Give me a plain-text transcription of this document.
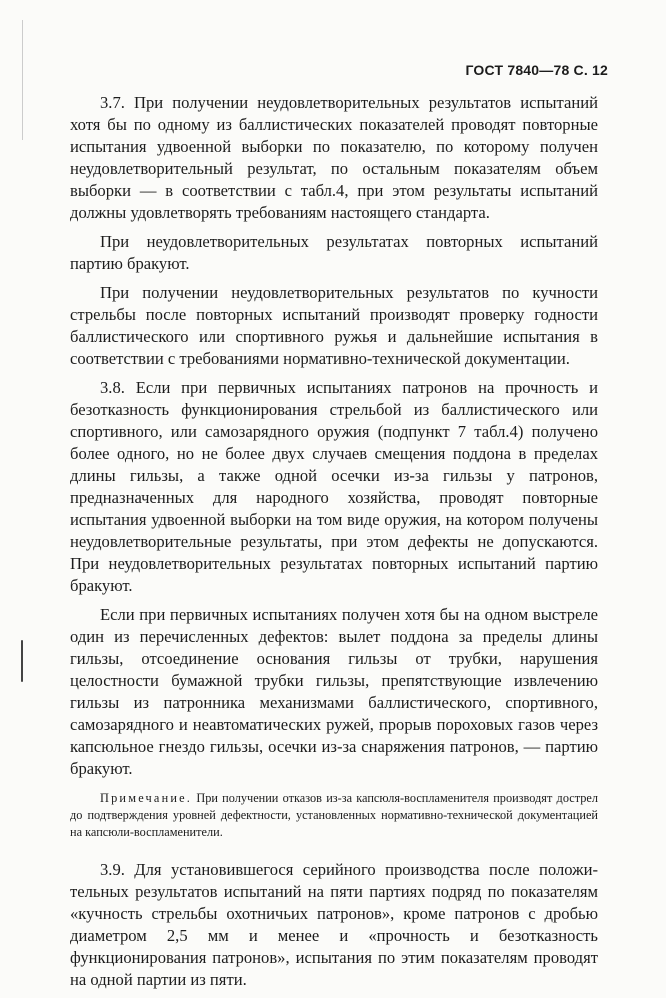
ГОСТ 7840—78 С. 12

3.7. При получении неудовлетворительных результатов испытаний хотя бы по одному из баллистических показателей проводят повторные испытания удвоенной выборки по показателю, по которому получен неудовлетворительный результат, по остальным показателям объем выборки — в соответствии с табл.4, при этом результаты испытаний должны удовлетворять требованиям настоящего стандарта.

При неудовлетворительных результатах повторных испытаний партию бракуют.

При получении неудовлетворительных результатов по кучности стрельбы после повторных испытаний производят проверку годности баллистического или спортивного ружья и дальнейшие испытания в соответствии с требованиями нормативно-технической документации.

3.8. Если при первичных испытаниях патронов на прочность и безотказность функционирования стрельбой из баллистического или спортивного, или самозарядного оружия (подпункт 7 табл.4) получено более одного, но не более двух случаев смещения поддона в пределах длины гильзы, а также одной осечки из-за гильзы у патронов, предназначенных для народного хозяйства, проводят повторные испытания удвоенной выборки на том виде оружия, на котором получены неудовлетворительные результаты, при этом дефекты не допускаются. При неудовлетворительных результатах повторных испытаний партию бракуют.

Если при первичных испытаниях получен хотя бы на одном выстреле один из перечисленных дефектов: вылет поддона за пределы длины гильзы, отсоединение основания гильзы от трубки, нарушения целостности бумажной трубки гильзы, препятствующие извлечению гильзы из патронника механизмами баллистического, спортивного, самозарядного и неавтоматических ружей, прорыв пороховых газов через капсюльное гнездо гильзы, осечки из-за снаряжения патронов, — партию бракуют.

Примечание. При получении отказов из-за капсюля-воспламенителя производят дострел до подтверждения уровней дефектности, установленных нормативно-технической документацией на капсюли-воспламенители.

3.9. Для установившегося серийного производства после положительных результатов испытаний на пяти партиях подряд по показателям «кучность стрельбы охотничьих патронов», кроме патронов с дробью диаметром 2,5 мм и менее и «прочность и безотказность функционирования патронов», испытания по этим показателям проводят на одной партии из пяти.
